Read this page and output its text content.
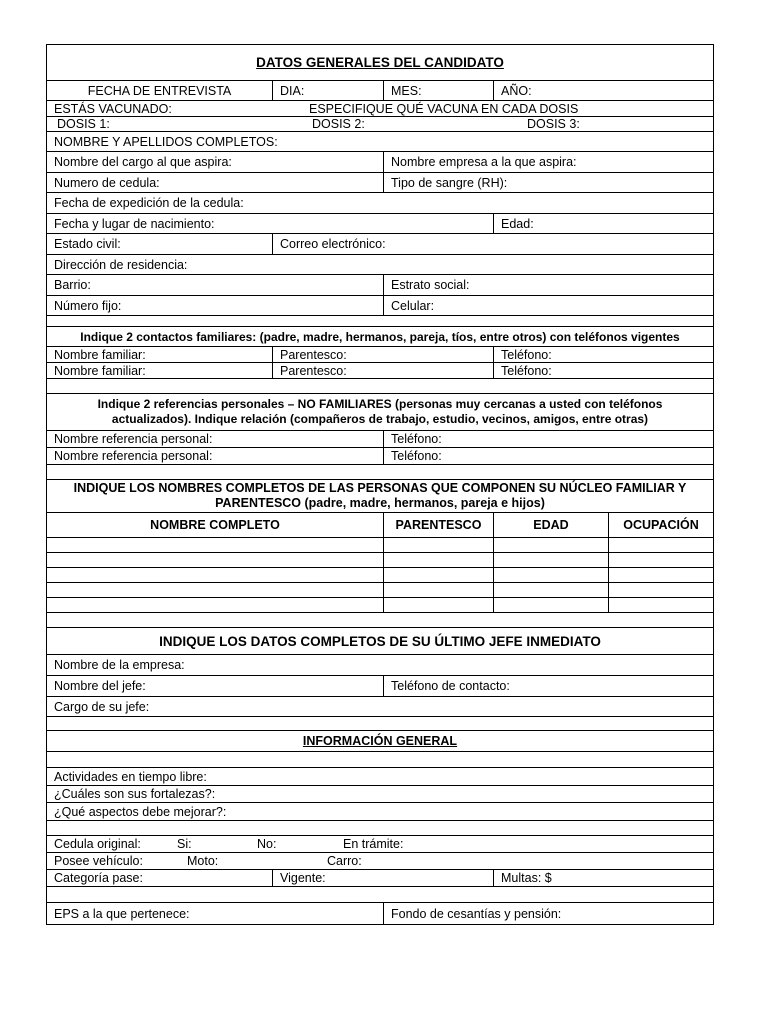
DATOS GENERALES DEL CANDIDATO
FECHA DE ENTREVISTA	DIA:	MES:	AÑO:
ESTÁS VACUNADO:	ESPECIFIQUE QUÉ VACUNA EN CADA DOSIS
DOSIS 1:	DOSIS 2:	DOSIS 3:
NOMBRE Y APELLIDOS COMPLETOS:
Nombre del cargo al que aspira:	Nombre empresa a la que aspira:
Numero de cedula:	Tipo de sangre (RH):
Fecha de expedición de la cedula:
Fecha y lugar de nacimiento:	Edad:
Estado civil:	Correo electrónico:
Dirección de residencia:
Barrio:	Estrato social:
Número fijo:	Celular:
Indique 2 contactos familiares: (padre, madre, hermanos, pareja, tíos, entre otros) con teléfonos vigentes
Nombre familiar:	Parentesco:	Teléfono:
Nombre familiar:	Parentesco:	Teléfono:
Indique 2 referencias personales – NO FAMILIARES (personas muy cercanas a usted con teléfonos actualizados). Indique relación (compañeros de trabajo, estudio, vecinos, amigos, entre otras)
Nombre referencia personal:	Teléfono:
Nombre referencia personal:	Teléfono:
INDIQUE LOS NOMBRES COMPLETOS DE LAS PERSONAS QUE COMPONEN SU NÚCLEO FAMILIAR Y PARENTESCO (padre, madre, hermanos, pareja e hijos)
NOMBRE COMPLETO	PARENTESCO	EDAD	OCUPACIÓN
INDIQUE LOS DATOS COMPLETOS DE SU ÚLTIMO JEFE INMEDIATO
Nombre de la empresa:
Nombre del jefe:	Teléfono de contacto:
Cargo de su jefe:
INFORMACIÓN GENERAL
Actividades en tiempo libre:
¿Cuáles son sus fortalezas?:
¿Qué aspectos debe mejorar?:
Cedula original:	Si:	No:	En trámite:
Posee vehículo:	Moto:	Carro:
Categoría pase:	Vigente:	Multas: $
EPS a la que pertenece:	Fondo de cesantías y pensión:
